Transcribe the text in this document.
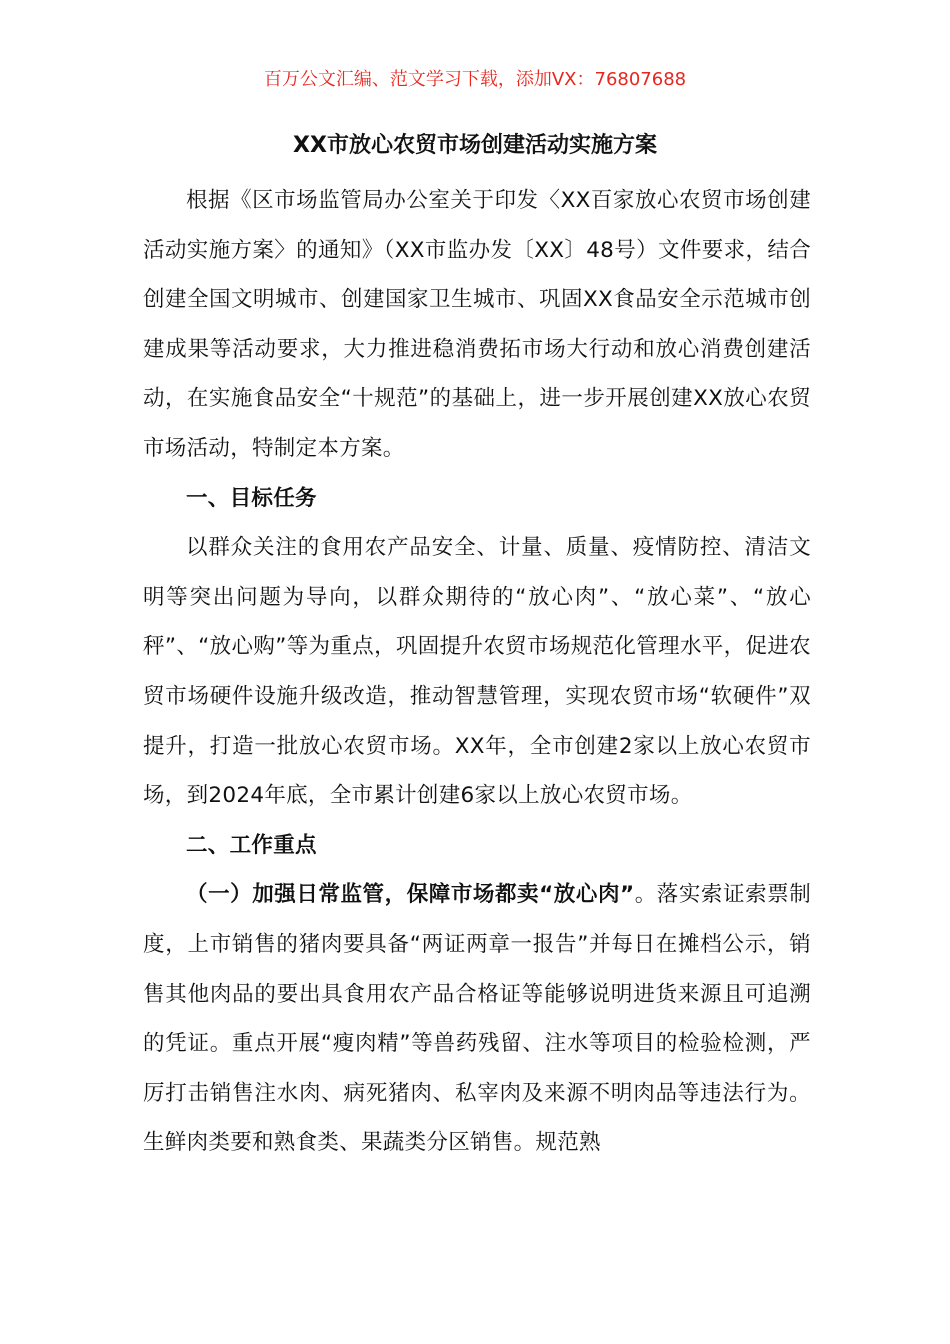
百万公文汇编、范文学习下载，添加VX：76807688
XX市放心农贸市场创建活动实施方案

根据《区市场监管局办公室关于印发〈XX百家放心农贸市场创建活动实施方案〉的通知》（XX市监办发〔XX〕48号）文件要求，结合创建全国文明城市、创建国家卫生城市、巩固XX食品安全示范城市创建成果等活动要求，大力推进稳消费拓市场大行动和放心消费创建活动，在实施食品安全“十规范”的基础上，进一步开展创建XX放心农贸市场活动，特制定本方案。

一、目标任务

以群众关注的食用农产品安全、计量、质量、疫情防控、清洁文明等突出问题为导向，以群众期待的“放心肉”、“放心菜”、“放心秤”、“放心购”等为重点，巩固提升农贸市场规范化管理水平，促进农贸市场硬件设施升级改造，推动智慧管理，实现农贸市场“软硬件”双提升，打造一批放心农贸市场。XX年，全市创建2家以上放心农贸市场，到2024年底，全市累计创建6家以上放心农贸市场。

二、工作重点

（一）加强日常监管，保障市场都卖“放心肉”。落实索证索票制度，上市销售的猪肉要具备“两证两章一报告”并每日在摊档公示，销售其他肉品的要出具食用农产品合格证等能够说明进货来源且可追溯的凭证。重点开展“瘦肉精”等兽药残留、注水等项目的检验检测，严厉打击销售注水肉、病死猪肉、私宰肉及来源不明肉品等违法行为。生鲜肉类要和熟食类、果蔬类分区销售。规范熟
